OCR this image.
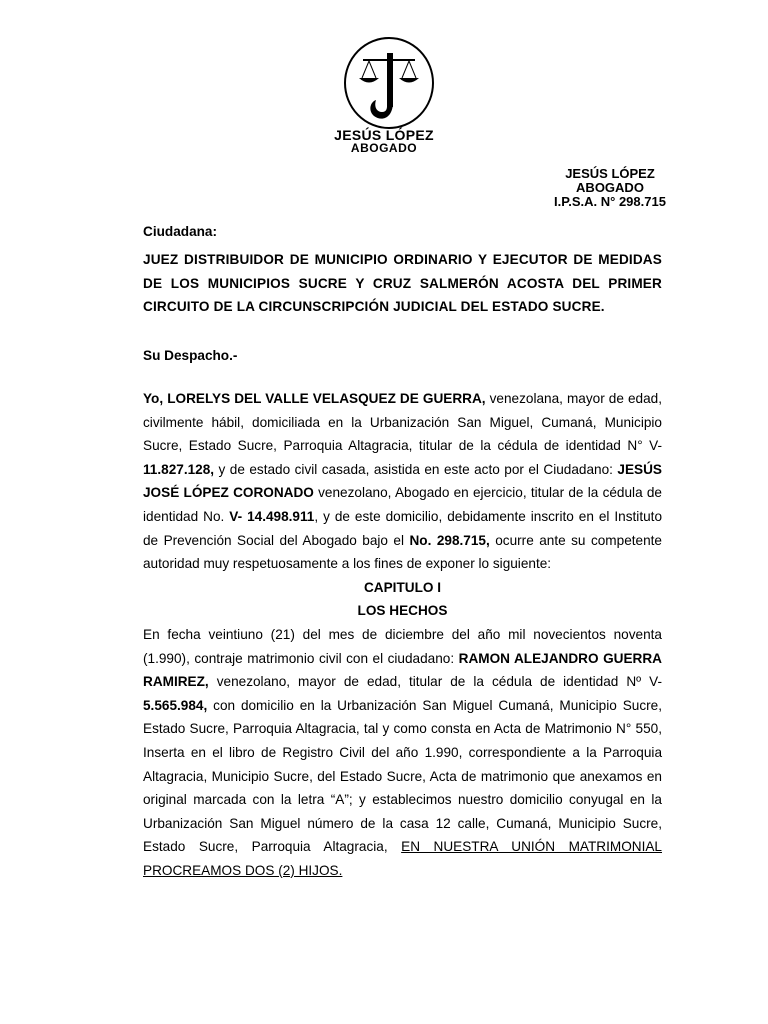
JESÚS LÓPEZ
ABOGADO
JESÚS LÓPEZ
ABOGADO
I.P.S.A. N° 298.715
Ciudadana:
JUEZ DISTRIBUIDOR DE MUNICIPIO ORDINARIO Y EJECUTOR DE MEDIDAS DE LOS MUNICIPIOS SUCRE Y CRUZ SALMERÓN ACOSTA DEL PRIMER CIRCUITO DE LA CIRCUNSCRIPCIÓN JUDICIAL DEL ESTADO SUCRE.
Su Despacho.-

Yo, LORELYS DEL VALLE VELASQUEZ DE GUERRA, venezolana, mayor de edad, civilmente hábil, domiciliada en la Urbanización San Miguel, Cumaná, Municipio Sucre, Estado Sucre, Parroquia Altagracia, titular de la cédula de identidad N° V- 11.827.128, y de estado civil casada, asistida en este acto por el Ciudadano: JESÚS JOSÉ LÓPEZ CORONADO venezolano, Abogado en ejercicio, titular de la cédula de identidad No. V- 14.498.911, y de este domicilio, debidamente inscrito en el Instituto de Prevención Social del Abogado bajo el No. 298.715, ocurre ante su competente autoridad muy respetuosamente a los fines de exponer lo siguiente:

CAPITULO I

LOS HECHOS

En fecha veintiuno (21) del mes de diciembre del año mil novecientos noventa (1.990), contraje matrimonio civil con el ciudadano: RAMON ALEJANDRO GUERRA RAMIREZ, venezolano, mayor de edad, titular de la cédula de identidad Nº V- 5.565.984, con domicilio en la Urbanización San Miguel Cumaná, Municipio Sucre, Estado Sucre, Parroquia Altagracia, tal y como consta en Acta de Matrimonio N° 550, Inserta en el libro de Registro Civil del año 1.990, correspondiente a la Parroquia Altagracia, Municipio Sucre, del Estado Sucre, Acta de matrimonio que anexamos en original marcada con la letra “A”; y establecimos nuestro domicilio conyugal en la Urbanización San Miguel número de la casa 12 calle, Cumaná, Municipio Sucre, Estado Sucre, Parroquia Altagracia, EN NUESTRA UNIÓN MATRIMONIAL PROCREAMOS DOS (2) HIJOS.
